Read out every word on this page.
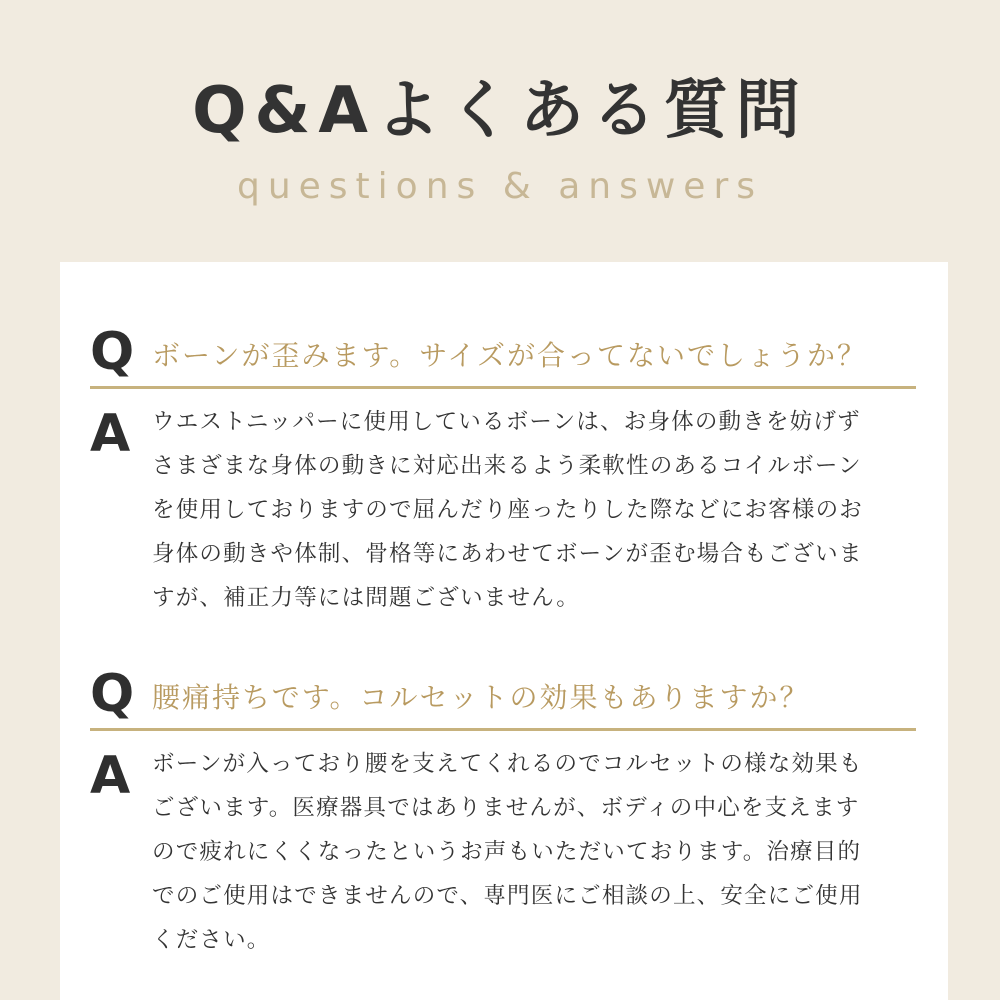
Q&Aよくある質問

questions & answers

Q ボーンが歪みます。サイズが合ってないでしょうか？
A ウエストニッパーに使用しているボーンは、お身体の動きを妨げず
さまざまな身体の動きに対応出来るよう柔軟性のあるコイルボーン
を使用しておりますので屈んだり座ったりした際などにお客様のお
身体の動きや体制、骨格等にあわせてボーンが歪む場合もございま
すが、補正力等には問題ございません。

Q 腰痛持ちです。コルセットの効果もありますか？
A ボーンが入っており腰を支えてくれるのでコルセットの様な効果も
ございます。医療器具ではありませんが、ボディの中心を支えます
ので疲れにくくなったというお声もいただいております。治療目的
でのご使用はできませんので、専門医にご相談の上、安全にご使用
ください。
